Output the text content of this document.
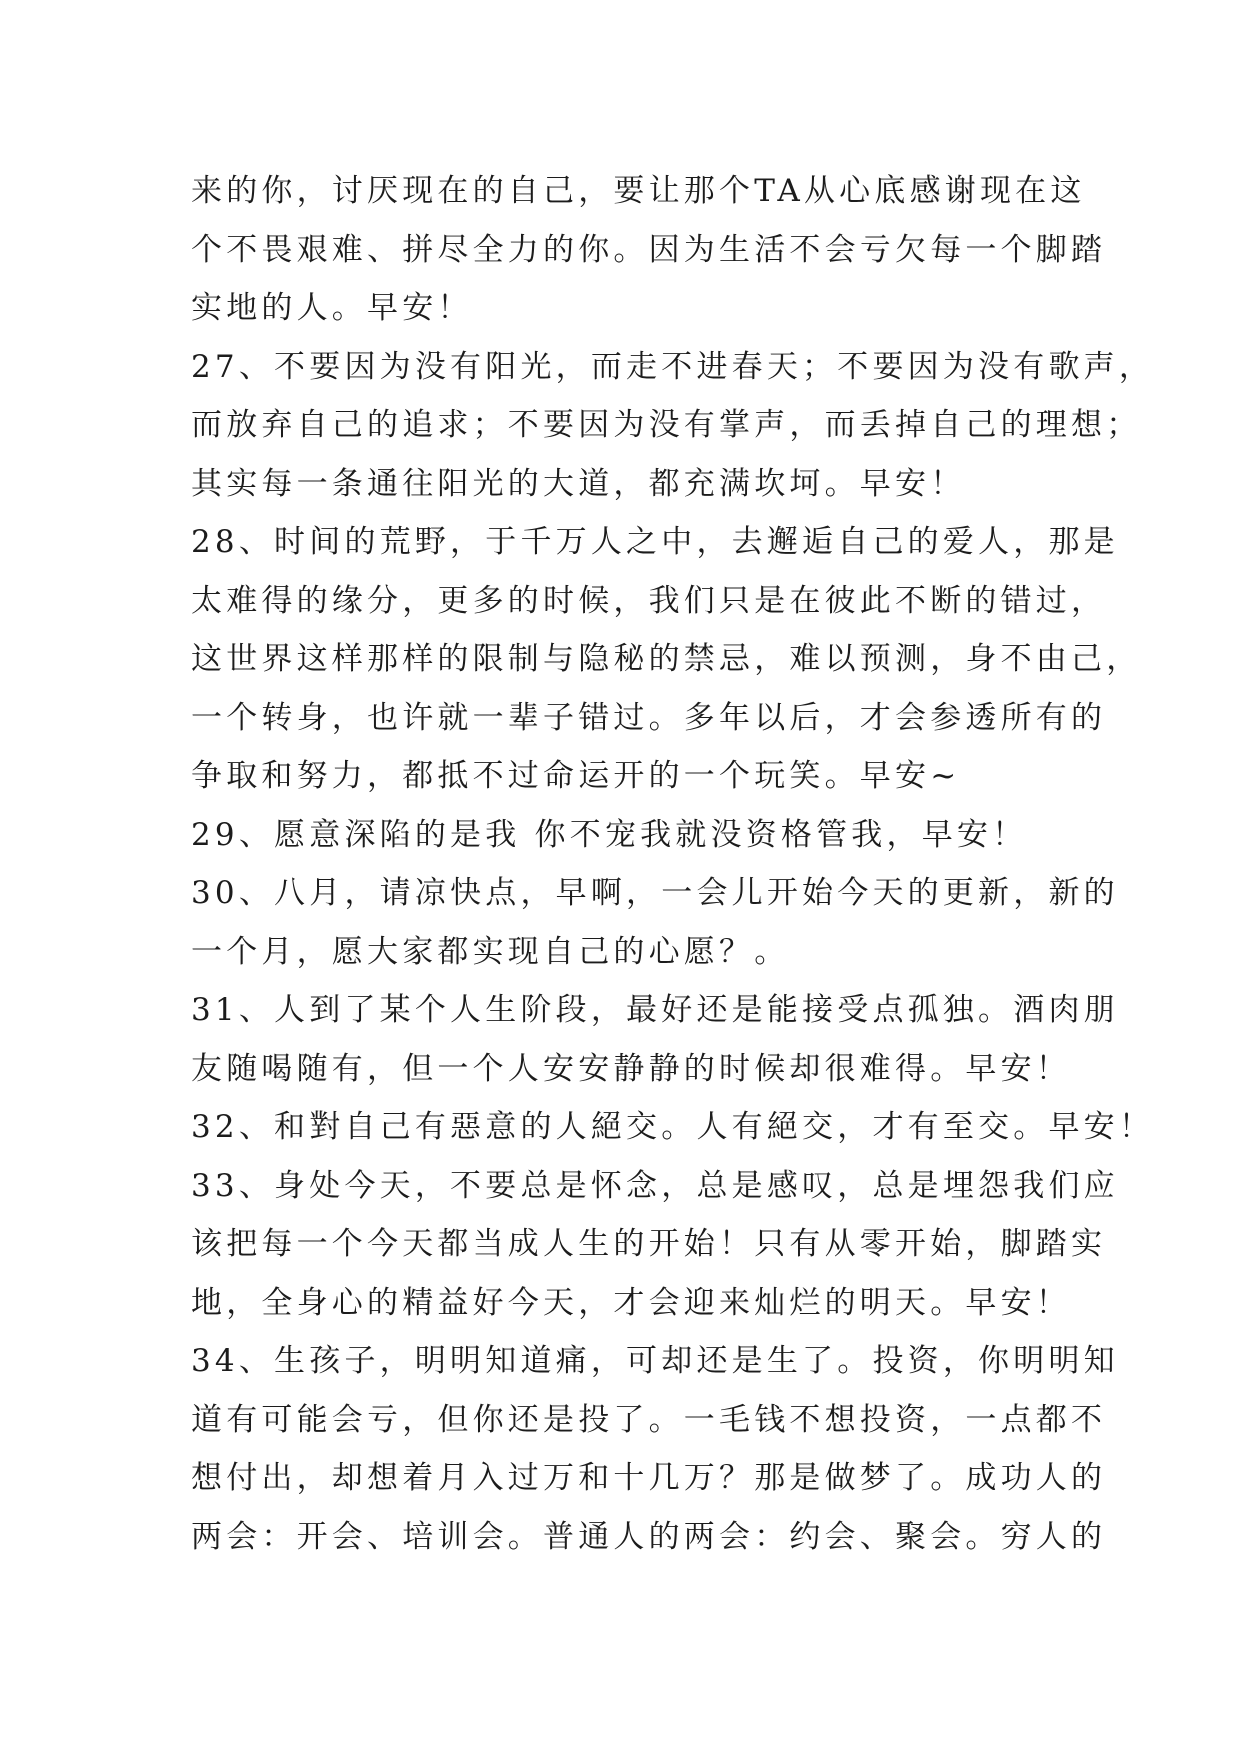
来的你，讨厌现在的自己，要让那个TA从心底感谢现在这
个不畏艰难、拼尽全力的你。因为生活不会亏欠每一个脚踏
实地的人。早安！
27、不要因为没有阳光，而走不进春天；不要因为没有歌声，
而放弃自己的追求；不要因为没有掌声，而丢掉自己的理想；
其实每一条通往阳光的大道，都充满坎坷。早安！
28、时间的荒野，于千万人之中，去邂逅自己的爱人，那是
太难得的缘分，更多的时候，我们只是在彼此不断的错过，
这世界这样那样的限制与隐秘的禁忌，难以预测，身不由己，
一个转身，也许就一辈子错过。多年以后，才会参透所有的
争取和努力，都抵不过命运开的一个玩笑。早安~
29、愿意深陷的是我 你不宠我就没资格管我，早安！
30、八月，请凉快点，早啊，一会儿开始今天的更新，新的
一个月，愿大家都实现自己的心愿？。
31、人到了某个人生阶段，最好还是能接受点孤独。酒肉朋
友随喝随有，但一个人安安静静的时候却很难得。早安！
32、和對自己有惡意的人絕交。人有絕交，才有至交。早安！
33、身处今天，不要总是怀念，总是感叹，总是埋怨我们应
该把每一个今天都当成人生的开始！只有从零开始，脚踏实
地，全身心的精益好今天，才会迎来灿烂的明天。早安！
34、生孩子，明明知道痛，可却还是生了。投资，你明明知
道有可能会亏，但你还是投了。一毛钱不想投资，一点都不
想付出，却想着月入过万和十几万？那是做梦了。成功人的
两会：开会、培训会。普通人的两会：约会、聚会。穷人的
